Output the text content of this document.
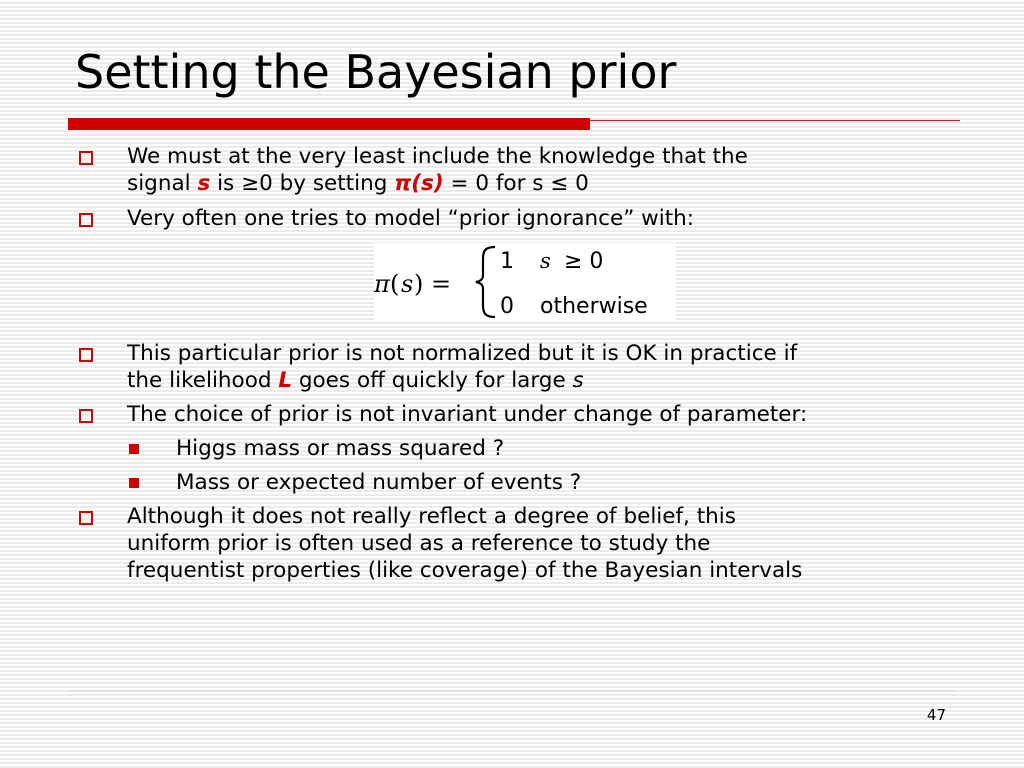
Setting the Bayesian prior
We must at the very least include the knowledge that the
signal s is ≥0 by setting π(s) = 0 for s ≤ 0
Very often one tries to model “prior ignorance” with:
π ( s ) =
1 s ≥ 0
0 otherwise
This particular prior is not normalized but it is OK in practice if
the likelihood L goes off quickly for large s
The choice of prior is not invariant under change of parameter:
Higgs mass or mass squared ?
Mass or expected number of events ?
Although it does not really reflect a degree of belief, this
uniform prior is often used as a reference to study the
frequentist properties (like coverage) of the Bayesian intervals
47
